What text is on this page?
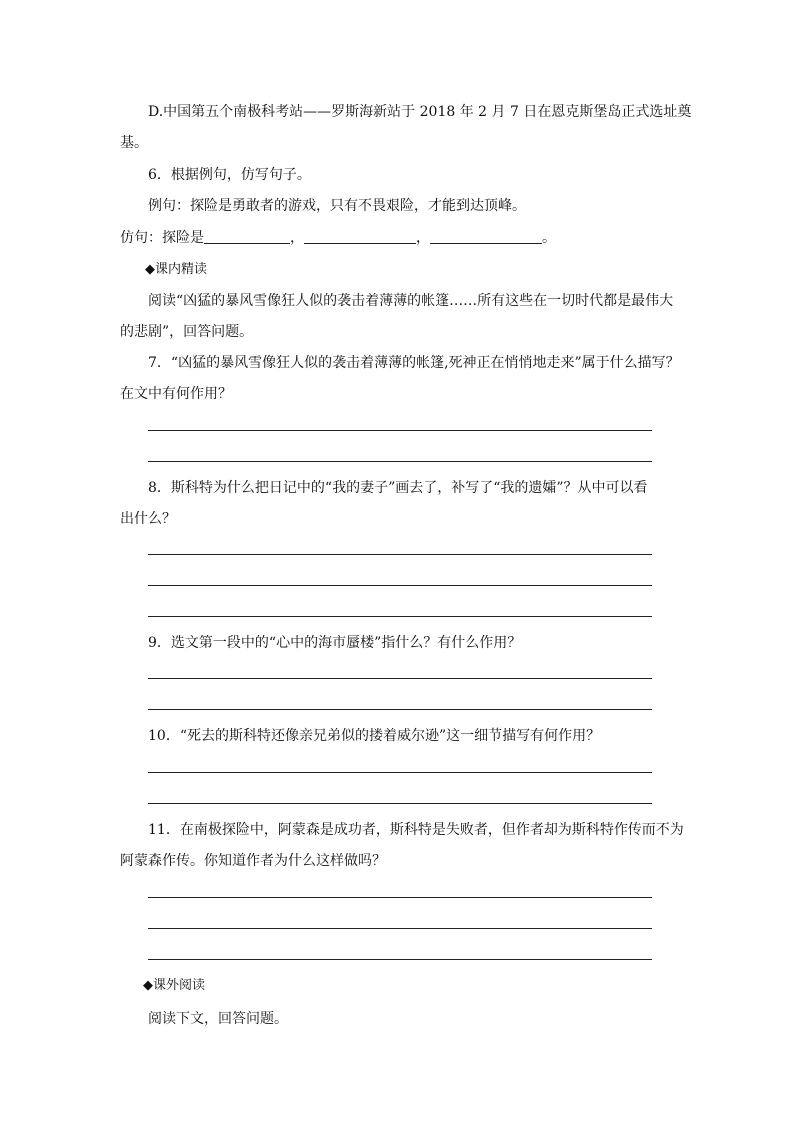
D.中国第五个南极科考站——罗斯海新站于 2018 年 2 月 7 日在恩克斯堡岛正式选址奠
基。
6．根据例句，仿写句子。
例句：探险是勇敢者的游戏，只有不畏艰险，才能到达顶峰。
仿句：探险是	，	，	。
◆课内精读
阅读“凶猛的暴风雪像狂人似的袭击着薄薄的帐篷……所有这些在一切时代都是最伟大
的悲剧”，回答问题。
7．“凶猛的暴风雪像狂人似的袭击着薄薄的帐篷,死神正在悄悄地走来”属于什么描写？
在文中有何作用？
8．斯科特为什么把日记中的“我的妻子”画去了，补写了“我的遗孀”？从中可以看
出什么？
9．选文第一段中的“心中的海市蜃楼”指什么？有什么作用？
10．“死去的斯科特还像亲兄弟似的搂着威尔逊”这一细节描写有何作用？
11．在南极探险中，阿蒙森是成功者，斯科特是失败者，但作者却为斯科特作传而不为
阿蒙森作传。你知道作者为什么这样做吗？
◆课外阅读
阅读下文，回答问题。
